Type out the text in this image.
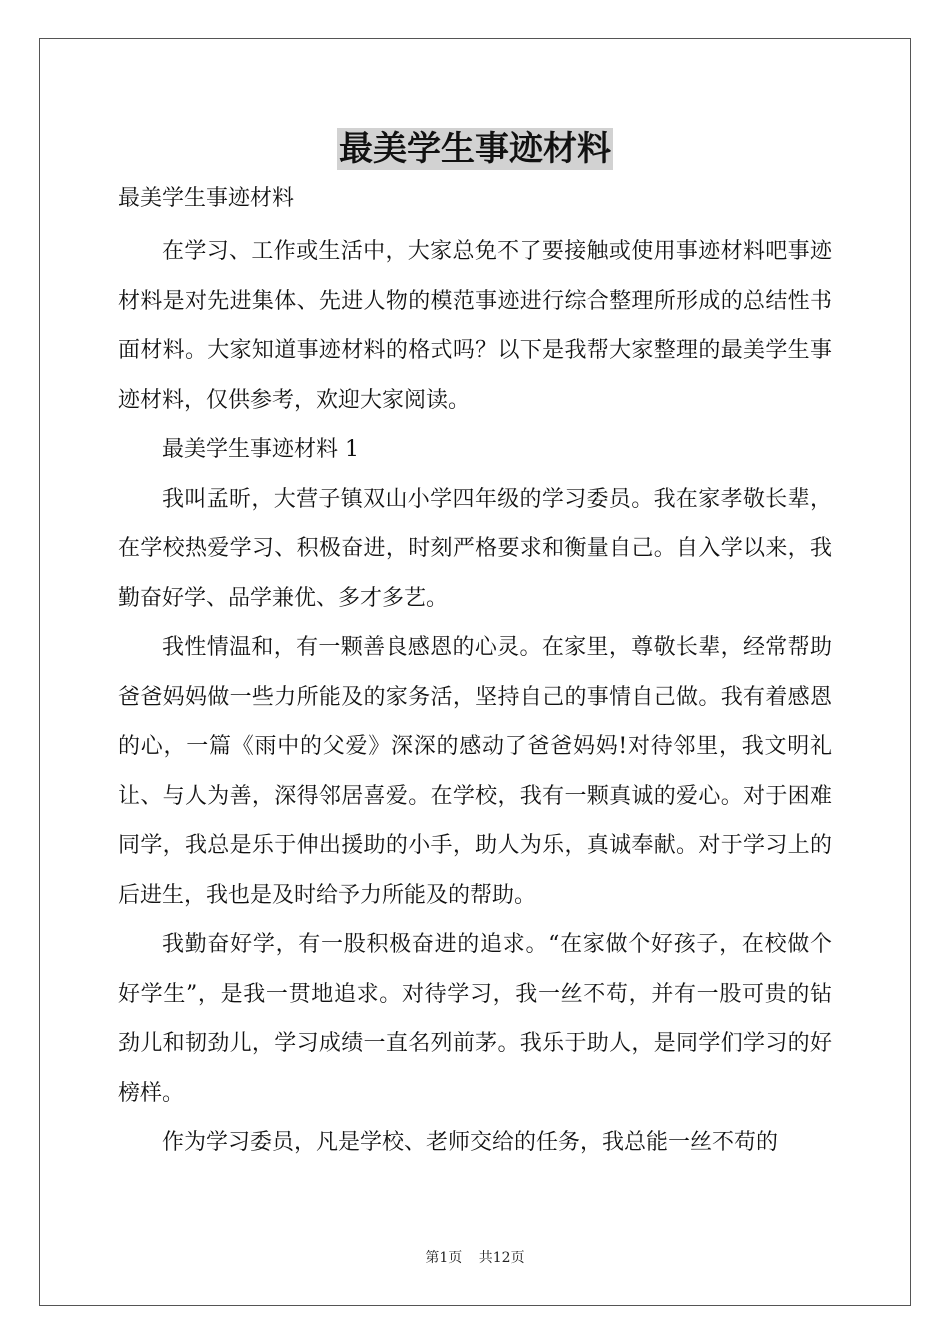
最美学生事迹材料
最美学生事迹材料

在学习、工作或生活中，大家总免不了要接触或使用事迹材料吧事迹材料是对先进集体、先进人物的模范事迹进行综合整理所形成的总结性书面材料。大家知道事迹材料的格式吗？以下是我帮大家整理的最美学生事迹材料，仅供参考，欢迎大家阅读。

最美学生事迹材料 1

我叫孟昕，大营子镇双山小学四年级的学习委员。我在家孝敬长辈，在学校热爱学习、积极奋进，时刻严格要求和衡量自己。自入学以来，我勤奋好学、品学兼优、多才多艺。

我性情温和，有一颗善良感恩的心灵。在家里，尊敬长辈，经常帮助爸爸妈妈做一些力所能及的家务活，坚持自己的事情自己做。我有着感恩的心，一篇《雨中的父爱》深深的感动了爸爸妈妈!对待邻里，我文明礼让、与人为善，深得邻居喜爱。在学校，我有一颗真诚的爱心。对于困难同学，我总是乐于伸出援助的小手，助人为乐，真诚奉献。对于学习上的后进生，我也是及时给予力所能及的帮助。

我勤奋好学，有一股积极奋进的追求。“在家做个好孩子，在校做个好学生”，是我一贯地追求。对待学习，我一丝不苟，并有一股可贵的钻劲儿和韧劲儿，学习成绩一直名列前茅。我乐于助人，是同学们学习的好榜样。

作为学习委员，凡是学校、老师交给的任务，我总能一丝不苟的

第1页 共12页
